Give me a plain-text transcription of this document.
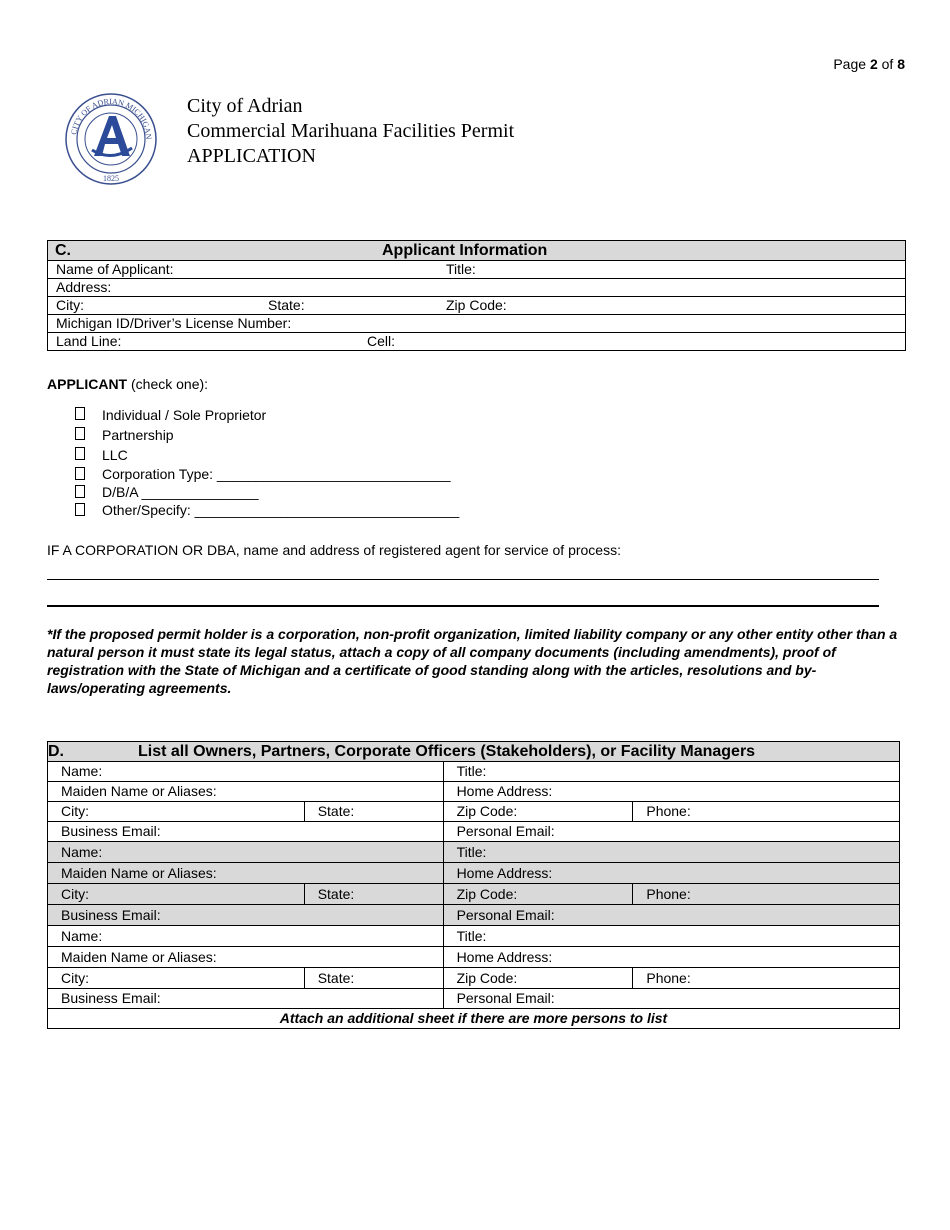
Page 2 of 8
CITY OF ADRIAN MICHIGAN
1825
City of Adrian
Commercial Marihuana Facilities Permit
APPLICATION
C.	Applicant Information

Name of Applicant:	Title:

Address:

City:	State:	Zip Code:

Michigan ID/Driver’s License Number:

Land Line:	Cell:
APPLICANT (check one):
Individual / Sole Proprietor
Partnership
LLC
Corporation Type: ______________________________
D/B/A _______________
Other/Specify: __________________________________
IF A CORPORATION OR DBA, name and address of registered agent for service of process:
*If the proposed permit holder is a corporation, non-profit organization, limited liability company or any other entity other than a natural person it must state its legal status, attach a copy of all company documents (including amendments), proof of registration with the State of Michigan and a certificate of good standing along with the articles, resolutions and by-laws/operating agreements.
D. List all Owners, Partners, Corporate Officers (Stakeholders), or Facility Managers			

Name:		Title:	
Maiden Name or Aliases:		Home Address:	
City:	State:	Zip Code:	Phone:
Business Email:		Personal Email:	
Name:		Title:	
Maiden Name or Aliases:		Home Address:	
City:	State:	Zip Code:	Phone:
Business Email:		Personal Email:	
Name:		Title:	
Maiden Name or Aliases:		Home Address:	
City:	State:	Zip Code:	Phone:
Business Email:		Personal Email:	
Attach an additional sheet if there are more persons to list			
